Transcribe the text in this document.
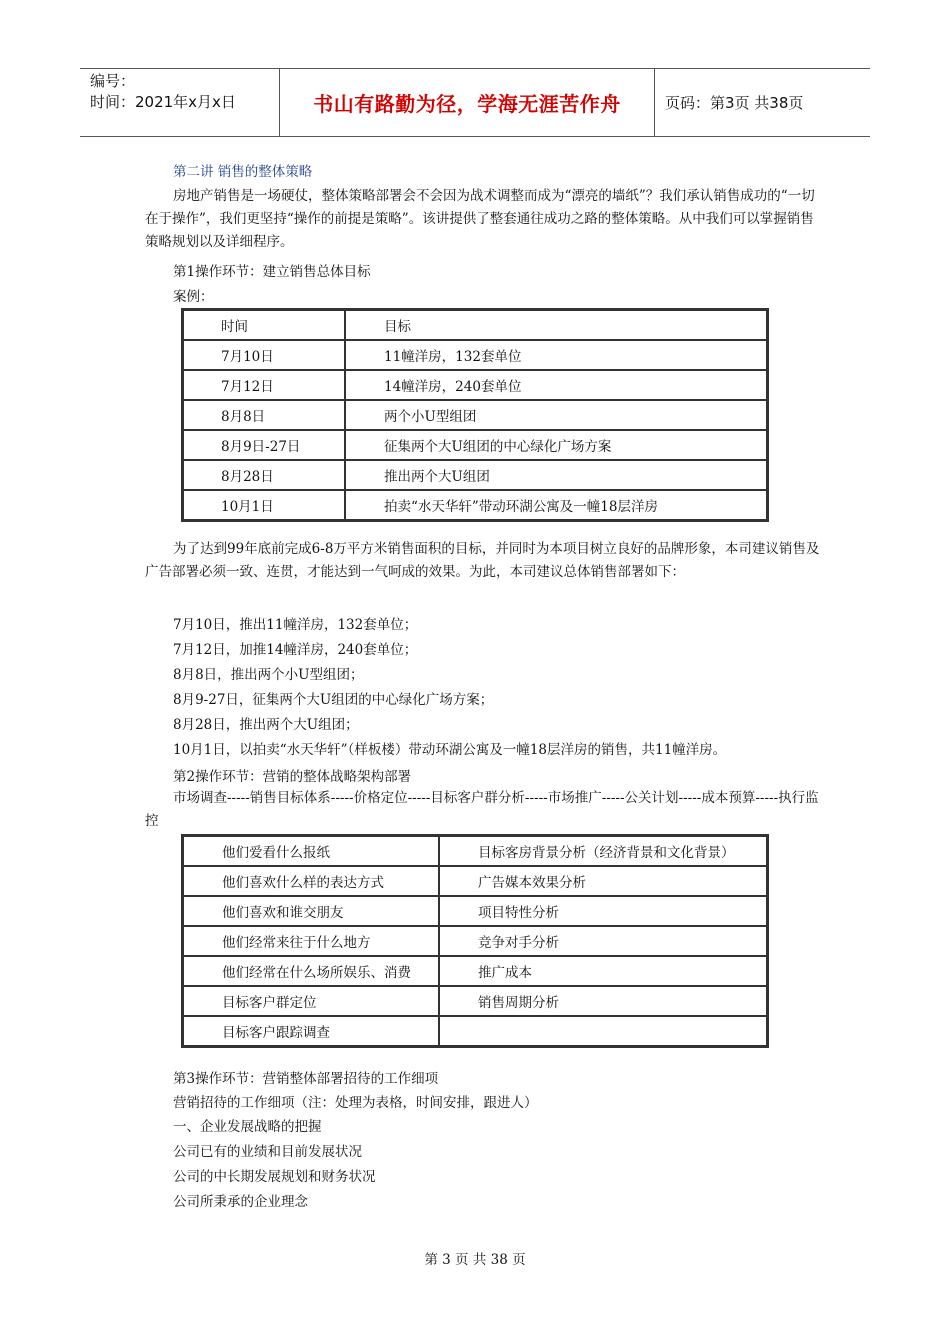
编号：
时间：2021年x月x日	书山有路勤为径，学海无涯苦作舟	页码：第3页 共38页
第二讲 销售的整体策略
房地产销售是一场硬仗，整体策略部署会不会因为战术调整而成为“漂亮的墙纸”？我们承认销售成功的“一切在于操作”，我们更坚持“操作的前提是策略”。该讲提供了整套通往成功之路的整体策略。从中我们可以掌握销售策略规划以及详细程序。
第1操作环节：建立销售总体目标
案例：
时间	目标
7月10日	11幢洋房，132套单位
7月12日	14幢洋房，240套单位
8月8日	两个小U型组团
8月9日-27日	征集两个大U组团的中心绿化广场方案
8月28日	推出两个大U组团
10月1日	拍卖“水天华轩”带动环湖公寓及一幢18层洋房
为了达到99年底前完成6-8万平方米销售面积的目标，并同时为本项目树立良好的品牌形象，本司建议销售及广告部署必须一致、连贯，才能达到一气呵成的效果。为此，本司建议总体销售部署如下：
7月10日，推出11幢洋房，132套单位；
7月12日，加推14幢洋房，240套单位；
8月8日，推出两个小U型组团；
8月9-27日，征集两个大U组团的中心绿化广场方案；
8月28日，推出两个大U组团；
10月1日，以拍卖“水天华轩”（样板楼）带动环湖公寓及一幢18层洋房的销售，共11幢洋房。
第2操作环节：营销的整体战略架构部署
市场调查-----销售目标体系-----价格定位-----目标客户群分析-----市场推广-----公关计划-----成本预算-----执行监控
他们爱看什么报纸	目标客房背景分析（经济背景和文化背景）
他们喜欢什么样的表达方式	广告媒本效果分析
他们喜欢和谁交朋友	项目特性分析
他们经常来往于什么地方	竞争对手分析
他们经常在什么场所娱乐、消费	推广成本
目标客户群定位	销售周期分析
目标客户跟踪调查	
第3操作环节：营销整体部署招待的工作细项
营销招待的工作细项（注：处理为表格，时间安排，跟进人）
一、企业发展战略的把握
公司已有的业绩和目前发展状况
公司的中长期发展规划和财务状况
公司所秉承的企业理念
第 3 页 共 38 页
